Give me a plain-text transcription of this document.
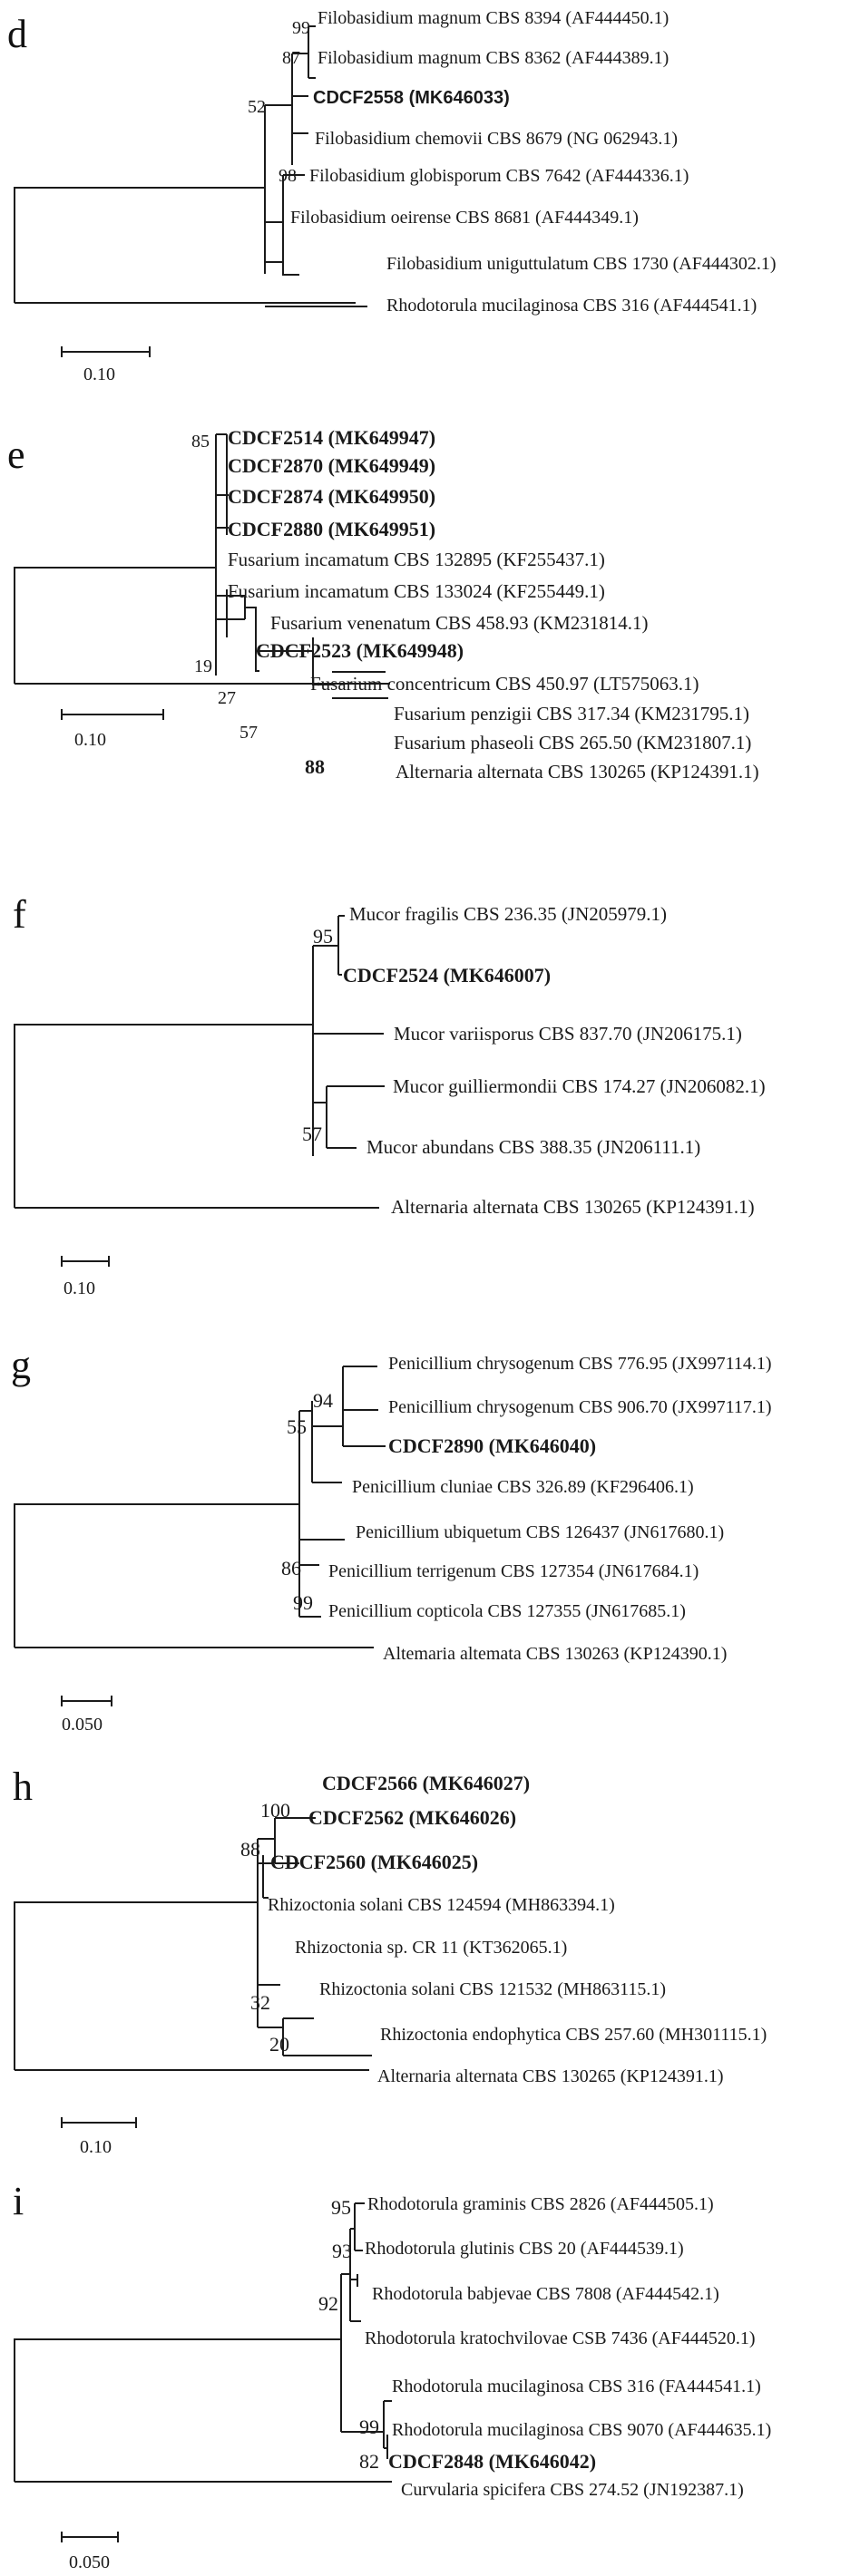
d	99
87
52
98
Filobasidium magnum CBS 8394 (AF444450.1)
Filobasidium magnum CBS 8362 (AF444389.1)
CDCF2558 (MK646033)
Filobasidium chemovii CBS 8679 (NG 062943.1)
Filobasidium globisporum CBS 7642 (AF444336.1)
Filobasidium oeirense CBS 8681 (AF444349.1)
Filobasidium uniguttulatum CBS 1730 (AF444302.1)
Rhodotorula mucilaginosa CBS 316 (AF444541.1)
0.10
e	85
19
27
57
88
CDCF2514 (MK649947)
CDCF2870 (MK649949)
CDCF2874 (MK649950)
CDCF2880 (MK649951)
Fusarium incamatum CBS 132895 (KF255437.1)
Fusarium incamatum CBS 133024 (KF255449.1)
Fusarium venenatum CBS 458.93 (KM231814.1)
CDCF2523 (MK649948)
Fusarium concentricum CBS 450.97 (LT575063.1)
Fusarium penzigii CBS 317.34 (KM231795.1)
Fusarium phaseoli CBS 265.50 (KM231807.1)
Alternaria alternata CBS 130265 (KP124391.1)
0.10
f	95
57
Mucor fragilis CBS 236.35 (JN205979.1)
CDCF2524 (MK646007)
Mucor variisporus CBS 837.70 (JN206175.1)
Mucor guilliermondii CBS 174.27 (JN206082.1)
Mucor abundans CBS 388.35 (JN206111.1)
Alternaria alternata CBS 130265 (KP124391.1)
0.10
g
94
55
86
99
Penicillium chrysogenum CBS 776.95 (JX997114.1)
Penicillium chrysogenum CBS 906.70 (JX997117.1)
CDCF2890 (MK646040)
Penicillium cluniae CBS 326.89 (KF296406.1)
Penicillium ubiquetum CBS 126437 (JN617680.1)
Penicillium terrigenum CBS 127354 (JN617684.1)
Penicillium copticola CBS 127355 (JN617685.1)
Altemaria altemata CBS 130263 (KP124390.1)
0.050
h
100
88
32
20
CDCF2566 (MK646027)
CDCF2562 (MK646026)
CDCF2560 (MK646025)
Rhizoctonia solani CBS 124594 (MH863394.1)
Rhizoctonia sp. CR 11 (KT362065.1)
Rhizoctonia solani CBS 121532 (MH863115.1)
Rhizoctonia endophytica CBS 257.60 (MH301115.1)
Alternaria alternata CBS 130265 (KP124391.1)
0.10
i	95
93
92
99
82
Rhodotorula graminis CBS 2826 (AF444505.1)
Rhodotorula glutinis CBS 20 (AF444539.1)
Rhodotorula babjevae CBS 7808 (AF444542.1)
Rhodotorula kratochvilovae CSB 7436 (AF444520.1)
Rhodotorula mucilaginosa CBS 316 (FA444541.1)
Rhodotorula mucilaginosa CBS 9070 (AF444635.1)
CDCF2848 (MK646042)
Curvularia spicifera CBS 274.52 (JN192387.1)
0.050
